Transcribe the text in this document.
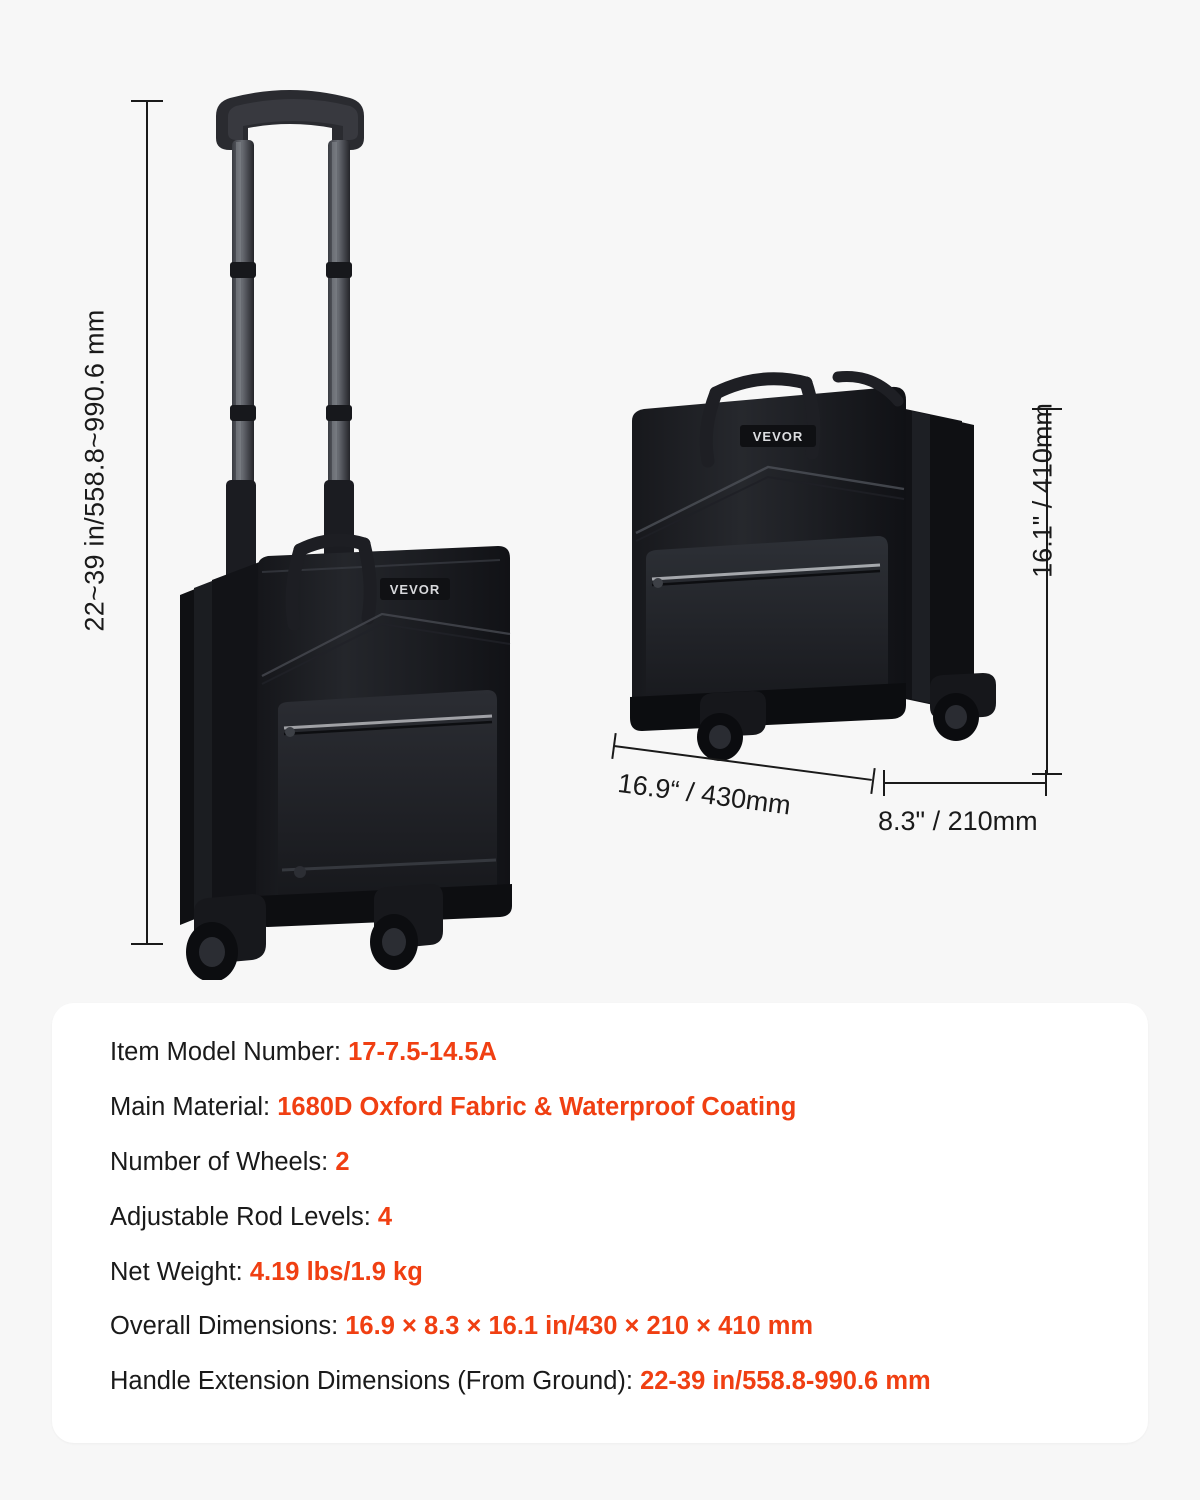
VEVOR
VEVOR
22~39 in/558.8~990.6 mm	16.1" / 410mm
16.9“ / 430mm
8.3" / 210mm
Item Model Number: 17-7.5-14.5A
Main Material: 1680D Oxford Fabric & Waterproof Coating
Number of Wheels: 2
Adjustable Rod Levels: 4
Net Weight: 4.19 lbs/1.9 kg
Overall Dimensions: 16.9 × 8.3 × 16.1 in/430 × 210 × 410 mm
Handle Extension Dimensions (From Ground): 22-39 in/558.8-990.6 mm
